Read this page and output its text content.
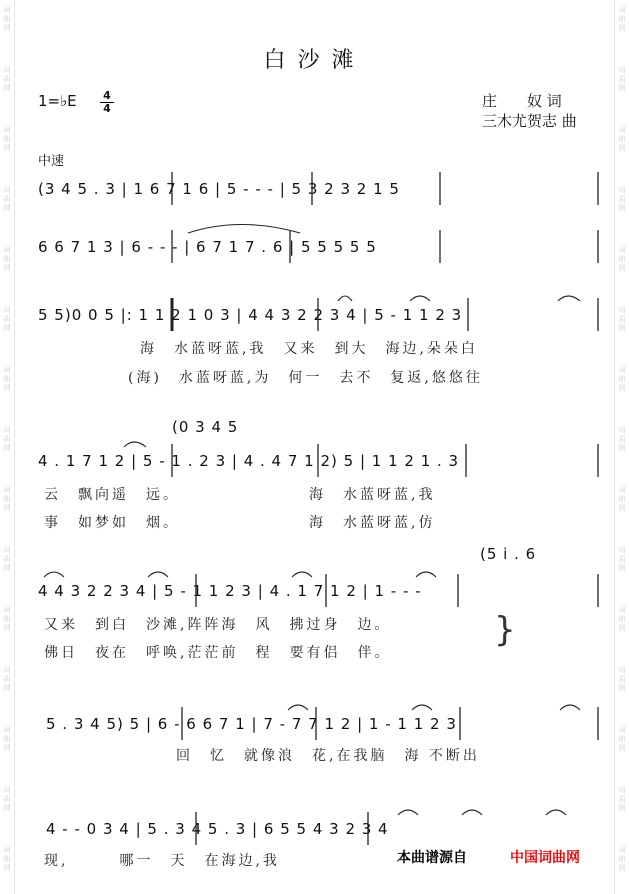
词曲网
词曲网
词曲网
词曲网
词曲网
词曲网
词曲网
词曲网
词曲网
词曲网
词曲网
词曲网
词曲网
词曲网
词曲网
词曲网
词曲网
词曲网
词曲网
词曲网
词曲网
词曲网
词曲网
词曲网
词曲网
词曲网
词曲网
词曲网
词曲网
词曲网
白沙滩
1=♭E 4
4	庄　　奴 词
三木尤贺志 曲
中速
(3 4 5 . 3 | 1 6 7 1 6 | 5 - - - | 5 3 2 3 2 1 5
6 6 7 1 3 | 6 - - - | 6 7 1 7 . 6 | 5 5 5 5 5
5 5)0 0 5 |: 1 1 2 1 0 3 | 4 4 3 2 2 3 4 | 5 - 1 1 2 3
海　水蓝呀蓝,我　又来　到大　海边,朵朵白
(海)　水蓝呀蓝,为　何一　去不　复返,悠悠往
(0 3 4 5
4 . 1 7 1 2 | 5 - 1 . 2 3 | 4 . 4 7 1 2) 5 | 1 1 2 1 . 3
云　飘向遥　远。　　　　　　　　海　水蓝呀蓝,我
事　如梦如　烟。　　　　　　　　海　水蓝呀蓝,仿
(5 i . 6
4 4 3 2 2 3 4 | 5 - 1 1 2 3 | 4 . 1 7 1 2 | 1 - - -
又来　到白　沙滩,阵阵海　风　拂过身　边。
佛日　夜在　呼唤,茫茫前　程　要有侣　伴。
}
5 . 3 4 5) 5 | 6 - 6 6 7 1 | 7 - 7 7 1 2 | 1 - 1 1 2 3
回　忆　就像浪　花,在我脑　海 不断出
4 - - 0 3 4 | 5 . 3 4 5 . 3 | 6 5 5 4 3 2 3 4
现,　　　哪一　天　在海边,我	本曲谱源自	中国词曲网
